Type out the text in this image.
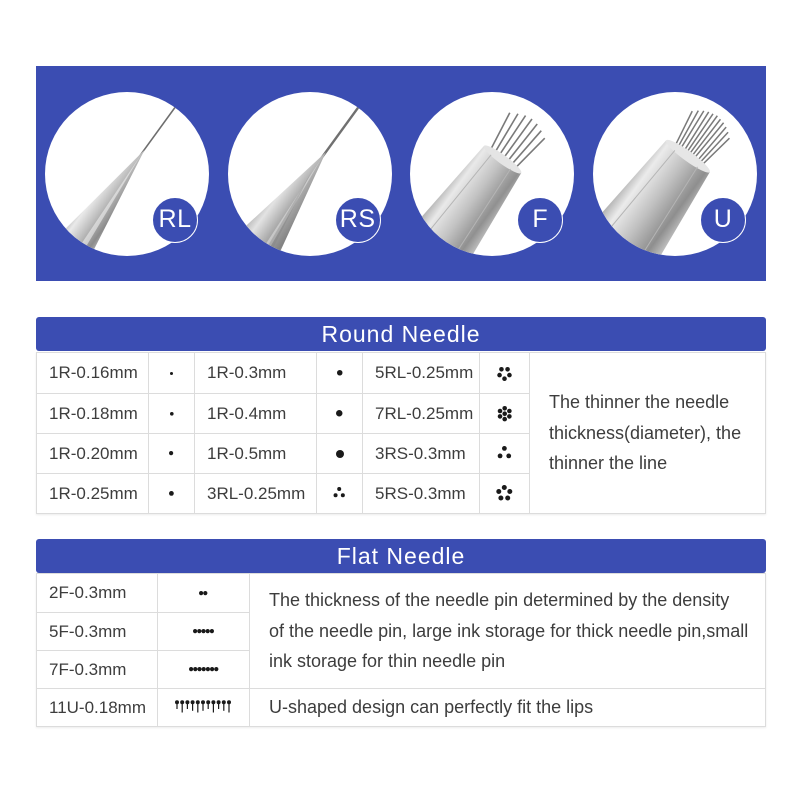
RL	RS	F	U
Round Needle
The thinner the needle thickness(diameter), the thinner the line
1R-0.16mm	1R-0.3mm	5RL-0.25mm
1R-0.18mm	1R-0.4mm	7RL-0.25mm
1R-0.20mm	1R-0.5mm	3RS-0.3mm
1R-0.25mm	3RL-0.25mm	5RS-0.3mm
Flat Needle
The thickness of the needle pin determined by the density of the needle pin, large ink storage for thick needle pin,small ink storage for thin needle pin
2F-0.3mm
5F-0.3mm
7F-0.3mm
11U-0.18mm	U-shaped design can perfectly fit the lips
